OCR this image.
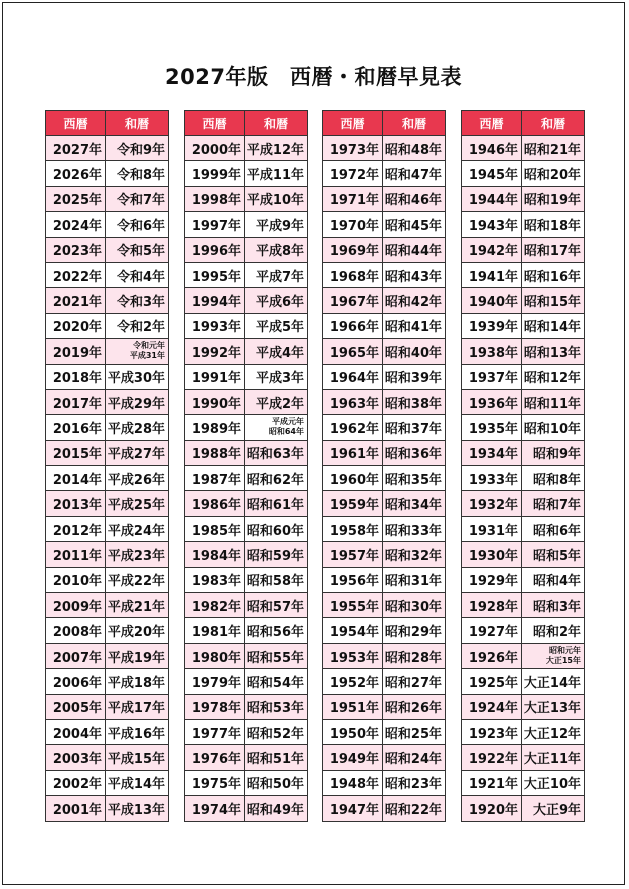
2027年版　西暦・和暦早見表
西暦	和暦
2027年	令和9年
2026年	令和8年
2025年	令和7年
2024年	令和6年
2023年	令和5年
2022年	令和4年
2021年	令和3年
2020年	令和2年
2019年	令和元年
平成31年

2018年	平成30年
2017年	平成29年
2016年	平成28年
2015年	平成27年
2014年	平成26年
2013年	平成25年
2012年	平成24年
2011年	平成23年
2010年	平成22年
2009年	平成21年
2008年	平成20年
2007年	平成19年
2006年	平成18年
2005年	平成17年
2004年	平成16年
2003年	平成15年
2002年	平成14年
2001年	平成13年
西暦	和暦
2000年	平成12年
1999年	平成11年
1998年	平成10年
1997年	平成9年
1996年	平成8年
1995年	平成7年
1994年	平成6年
1993年	平成5年
1992年	平成4年
1991年	平成3年
1990年	平成2年
1989年	平成元年
昭和64年

1988年	昭和63年
1987年	昭和62年
1986年	昭和61年
1985年	昭和60年
1984年	昭和59年
1983年	昭和58年
1982年	昭和57年
1981年	昭和56年
1980年	昭和55年
1979年	昭和54年
1978年	昭和53年
1977年	昭和52年
1976年	昭和51年
1975年	昭和50年
1974年	昭和49年
西暦	和暦
1973年	昭和48年
1972年	昭和47年
1971年	昭和46年
1970年	昭和45年
1969年	昭和44年
1968年	昭和43年
1967年	昭和42年
1966年	昭和41年
1965年	昭和40年
1964年	昭和39年
1963年	昭和38年
1962年	昭和37年
1961年	昭和36年
1960年	昭和35年
1959年	昭和34年
1958年	昭和33年
1957年	昭和32年
1956年	昭和31年
1955年	昭和30年
1954年	昭和29年
1953年	昭和28年
1952年	昭和27年
1951年	昭和26年
1950年	昭和25年
1949年	昭和24年
1948年	昭和23年
1947年	昭和22年
西暦	和暦
1946年	昭和21年
1945年	昭和20年
1944年	昭和19年
1943年	昭和18年
1942年	昭和17年
1941年	昭和16年
1940年	昭和15年
1939年	昭和14年
1938年	昭和13年
1937年	昭和12年
1936年	昭和11年
1935年	昭和10年
1934年	昭和9年
1933年	昭和8年
1932年	昭和7年
1931年	昭和6年
1930年	昭和5年
1929年	昭和4年
1928年	昭和3年
1927年	昭和2年
1926年	昭和元年
大正15年

1925年	大正14年
1924年	大正13年
1923年	大正12年
1922年	大正11年
1921年	大正10年
1920年	大正9年
